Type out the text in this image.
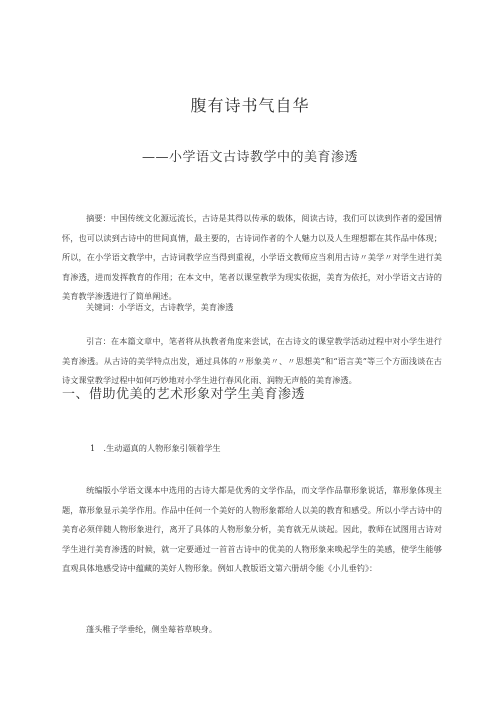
腹有诗书气自华
——小学语文古诗教学中的美育渗透
摘要：中国传统文化源远流长，古诗是其得以传承的载体，阅读古诗，我们可以读到作者的爱国情怀，也可以读到古诗中的世间真情，最主要的，古诗词作者的个人魅力以及人生理想都在其作品中体现；所以，在小学语文教学中，古诗词教学应当得到重视，小学语文教师应当利用古诗〃美学〃对学生进行美育渗透，进而发挥教育的作用；在本文中，笔者以课堂教学为现实依据，美育为依托，对小学语文古诗的美育教学渗透进行了简单阐述。
关键词：小学语文，古诗教学，美育渗透
引言：在本篇文章中，笔者将从执教者角度来尝试，在古诗文的课堂教学活动过程中对小学生进行美育渗透。从古诗的美学特点出发，通过具体的〃形象美〃、〃思想美”和“语言美”等三个方面浅谈在古诗文课堂教学过程中如何巧妙地对小学生进行春风化雨、润物无声般的美育渗透。
一、借助优美的艺术形象对学生美育渗透
1　.生动逼真的人物形象引领着学生
统编版小学语文课本中选用的古诗大都是优秀的文学作品，而文学作品靠形象说话，靠形象体现主题，靠形象显示美学作用。作品中任何一个美好的人物形象都给人以美的教育和感受。所以小学古诗中的美育必须伴随人物形象进行，离开了具体的人物形象分析，美育就无从谈起。因此，教师在试图用古诗对学生进行美育渗透的时候，就一定要通过一首首古诗中的优美的人物形象来唤起学生的美感，使学生能够直观具体地感受诗中蕴藏的美好人物形象。例如人教版语文第六册胡令能《小儿垂钓》：
蓬头稚子学垂纶，侧坐莓苔草映身。
